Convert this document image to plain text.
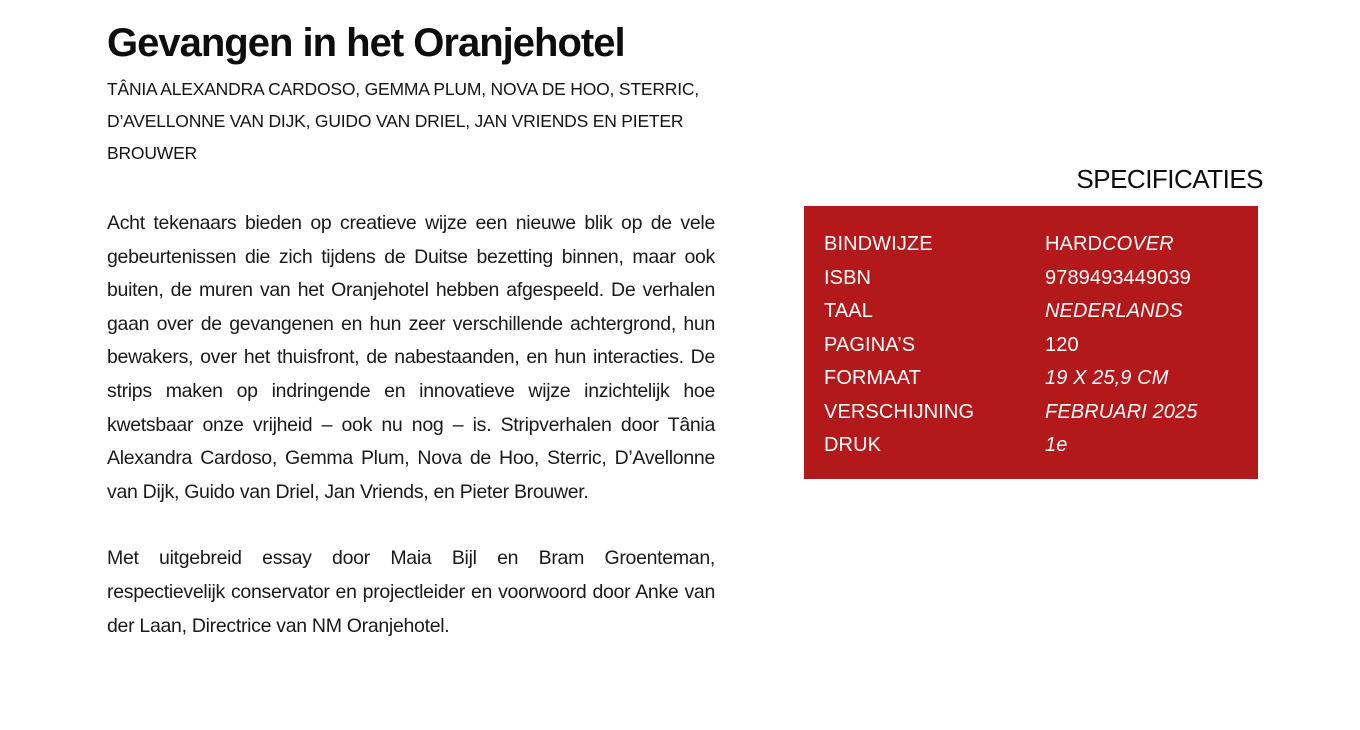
Gevangen in het Oranjehotel
TÂNIA ALEXANDRA CARDOSO, GEMMA PLUM, NOVA DE HOO, STERRIC, D’AVELLONNE VAN DIJK, GUIDO VAN DRIEL, JAN VRIENDS EN PIETER BROUWER

Acht tekenaars bieden op creatieve wijze een nieuwe blik op de vele gebeurtenissen die zich tijdens de Duitse bezetting binnen, maar ook buiten, de muren van het Oranjehotel hebben afgespeeld. De verhalen gaan over de gevangenen en hun zeer verschillende achtergrond, hun bewakers, over het thuisfront, de nabestaanden, en hun interacties. De strips maken op indringende en innovatieve wijze inzichtelijk hoe kwetsbaar onze vrijheid – ook nu nog – is. Stripverhalen door Tânia Alexandra Cardoso, Gemma Plum, Nova de Hoo, Sterric, D’Avellonne van Dijk, Guido van Driel, Jan Vriends, en Pieter Brouwer.

Met uitgebreid essay door Maia Bijl en Bram Groenteman, respectievelijk conservator en projectleider en voorwoord door Anke van der Laan, Directrice van NM Oranjehotel.

SPECIFICATIES
BINDWIJZE	HARDCOVER
ISBN	9789493449039
TAAL	NEDERLANDS
PAGINA’S	120
FORMAAT	19 X 25,9 CM
VERSCHIJNING	FEBRUARI 2025
DRUK	1e
